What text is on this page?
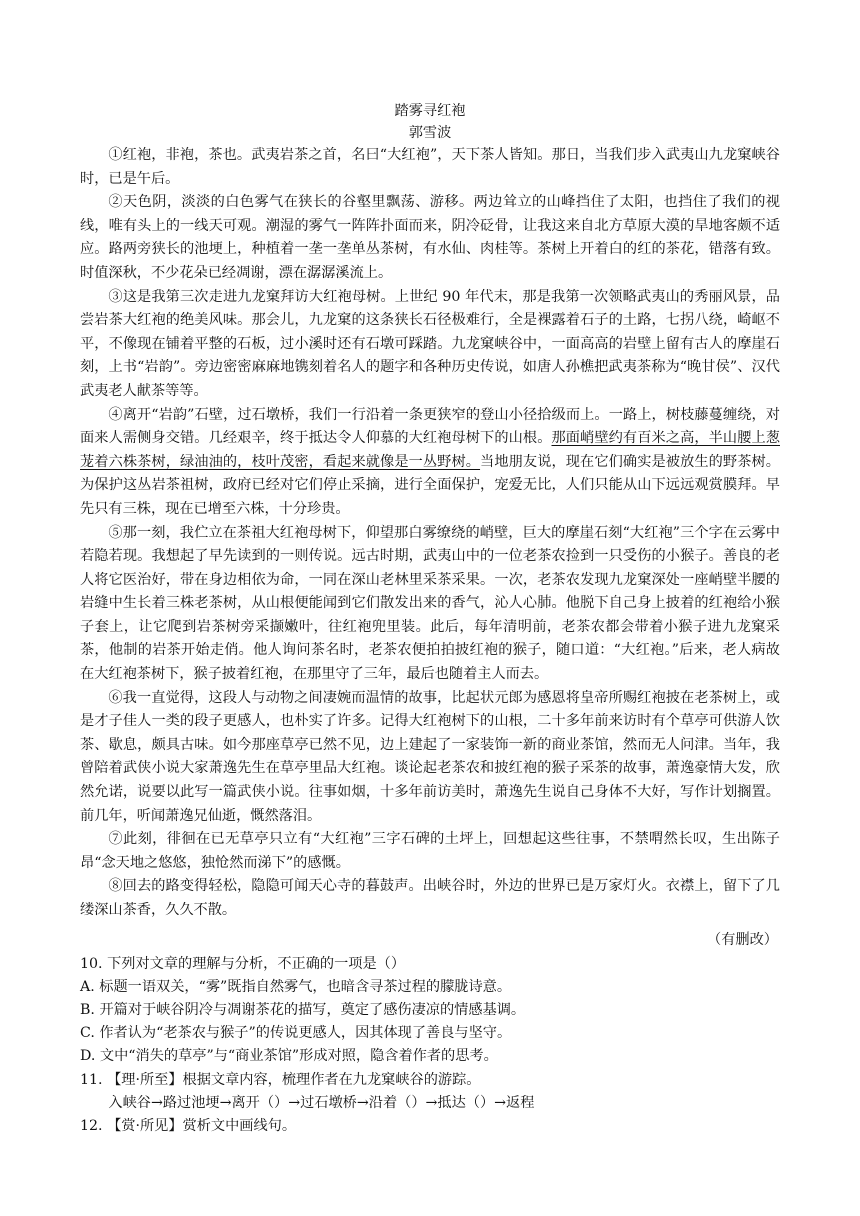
踏雾寻红袍
郭雪波

①红袍，非袍，茶也。武夷岩茶之首，名曰“大红袍”，天下茶人皆知。那日，当我们步入武夷山九龙窠峡谷时，已是午后。

②天色阴，淡淡的白色雾气在狭长的谷壑里飘荡、游移。两边耸立的山峰挡住了太阳，也挡住了我们的视线，唯有头上的一线天可观。潮湿的雾气一阵阵扑面而来，阴冷砭骨，让我这来自北方草原大漠的旱地客颇不适应。路两旁狭长的池埂上，种植着一垄一垄单丛茶树，有水仙、肉桂等。茶树上开着白的红的茶花，错落有致。时值深秋，不少花朵已经凋谢，漂在潺潺溪流上。

③这是我第三次走进九龙窠拜访大红袍母树。上世纪 90 年代末，那是我第一次领略武夷山的秀丽风景，品尝岩茶大红袍的绝美风味。那会儿，九龙窠的这条狭长石径极难行，全是裸露着石子的土路，七拐八绕，崎岖不平，不像现在铺着平整的石板，过小溪时还有石墩可踩踏。九龙窠峡谷中，一面高高的岩壁上留有古人的摩崖石刻，上书“岩韵”。旁边密密麻麻地镌刻着名人的题字和各种历史传说，如唐人孙樵把武夷茶称为“晚甘侯”、汉代武夷老人献茶等等。

④离开“岩韵”石壁，过石墩桥，我们一行沿着一条更狭窄的登山小径拾级而上。一路上，树枝藤蔓缠绕，对面来人需侧身交错。几经艰辛，终于抵达令人仰慕的大红袍母树下的山根。那面峭壁约有百米之高，半山腰上葱茏着六株茶树，绿油油的，枝叶茂密，看起来就像是一丛野树。当地朋友说，现在它们确实是被放生的野茶树。为保护这丛岩茶祖树，政府已经对它们停止采摘，进行全面保护，宠爱无比，人们只能从山下远远观赏膜拜。早先只有三株，现在已增至六株，十分珍贵。

⑤那一刻，我伫立在茶祖大红袍母树下，仰望那白雾缭绕的峭壁，巨大的摩崖石刻“大红袍”三个字在云雾中若隐若现。我想起了早先读到的一则传说。远古时期，武夷山中的一位老茶农捡到一只受伤的小猴子。善良的老人将它医治好，带在身边相依为命，一同在深山老林里采茶采果。一次，老茶农发现九龙窠深处一座峭壁半腰的岩缝中生长着三株老茶树，从山根便能闻到它们散发出来的香气，沁人心肺。他脱下自己身上披着的红袍给小猴子套上，让它爬到岩茶树旁采撷嫩叶，往红袍兜里装。此后，每年清明前，老茶农都会带着小猴子进九龙窠采茶，他制的岩茶开始走俏。他人询问茶名时，老茶农便拍拍披红袍的猴子，随口道：“大红袍。”后来，老人病故在大红袍茶树下，猴子披着红袍，在那里守了三年，最后也随着主人而去。

⑥我一直觉得，这段人与动物之间凄婉而温情的故事，比起状元郎为感恩将皇帝所赐红袍披在老茶树上，或是才子佳人一类的段子更感人，也朴实了许多。记得大红袍树下的山根，二十多年前来访时有个草亭可供游人饮茶、歇息，颇具古味。如今那座草亭已然不见，边上建起了一家装饰一新的商业茶馆，然而无人问津。当年，我曾陪着武侠小说大家萧逸先生在草亭里品大红袍。谈论起老茶农和披红袍的猴子采茶的故事，萧逸豪情大发，欣然允诺，说要以此写一篇武侠小说。往事如烟，十多年前访美时，萧逸先生说自己身体不大好，写作计划搁置。前几年，听闻萧逸兄仙逝，慨然落泪。

⑦此刻，徘徊在已无草亭只立有“大红袍”三字石碑的土坪上，回想起这些往事，不禁喟然长叹，生出陈子昂“念天地之悠悠，独怆然而涕下”的感慨。

⑧回去的路变得轻松，隐隐可闻天心寺的暮鼓声。出峡谷时，外边的世界已是万家灯火。衣襟上，留下了几缕深山茶香，久久不散。

（有删改）

10. 下列对文章的理解与分析，不正确的一项是（）

A. 标题一语双关，“雾”既指自然雾气，也暗含寻茶过程的朦胧诗意。

B. 开篇对于峡谷阴冷与凋谢茶花的描写，奠定了感伤凄凉的情感基调。

C. 作者认为“老茶农与猴子”的传说更感人，因其体现了善良与坚守。

D. 文中“消失的草亭”与“商业茶馆”形成对照，隐含着作者的思考。

11. 【理·所至】根据文章内容，梳理作者在九龙窠峡谷的游踪。

入峡谷→路过池埂→离开（）→过石墩桥→沿着（）→抵达（）→返程

12. 【赏·所见】赏析文中画线句。
